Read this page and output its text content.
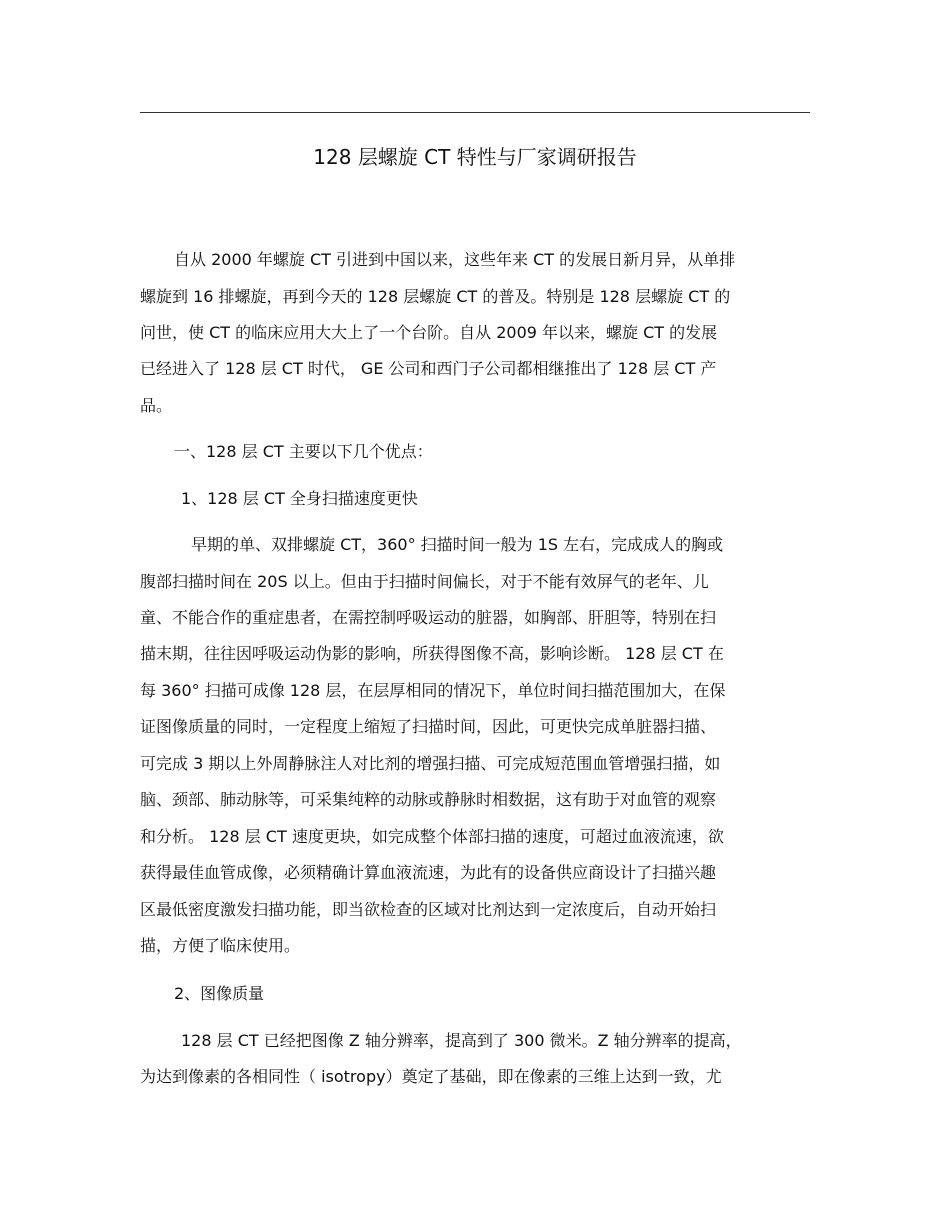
128 层螺旋 CT 特性与厂家调研报告
自从 2000 年螺旋 CT 引进到中国以来，这些年来 CT 的发展日新月异，从单排
螺旋到 16 排螺旋，再到今天的 128 层螺旋 CT 的普及。特别是 128 层螺旋 CT 的
问世，使 CT 的临床应用大大上了一个台阶。自从 2009 年以来，螺旋 CT 的发展
已经进入了 128 层 CT 时代， GE 公司和西门子公司都相继推出了 128 层 CT 产
品。
一、128 层 CT 主要以下几个优点：
1、128 层 CT 全身扫描速度更快
早期的单、双排螺旋 CT，360° 扫描时间一般为 1S 左右，完成成人的胸或
腹部扫描时间在 20S 以上。但由于扫描时间偏长，对于不能有效屏气的老年、儿
童、不能合作的重症患者，在需控制呼吸运动的脏器，如胸部、肝胆等，特别在扫
描末期，往往因呼吸运动伪影的影响，所获得图像不高，影响诊断。 128 层 CT 在
每 360° 扫描可成像 128 层，在层厚相同的情况下，单位时间扫描范围加大，在保
证图像质量的同时，一定程度上缩短了扫描时间，因此，可更快完成单脏器扫描、
可完成 3 期以上外周静脉注人对比剂的增强扫描、可完成短范围血管增强扫描，如
脑、颈部、肺动脉等，可采集纯粹的动脉或静脉时相数据，这有助于对血管的观察
和分析。 128 层 CT 速度更块，如完成整个体部扫描的速度，可超过血液流速，欲
获得最佳血管成像，必须精确计算血液流速，为此有的设备供应商设计了扫描兴趣
区最低密度激发扫描功能，即当欲检查的区域对比剂达到一定浓度后，自动开始扫
描，方便了临床使用。
2、图像质量
128 层 CT 已经把图像 Z 轴分辨率，提高到了 300 微米。Z 轴分辨率的提高，
为达到像素的各相同性（ isotropy）奠定了基础，即在像素的三维上达到一致，尤
